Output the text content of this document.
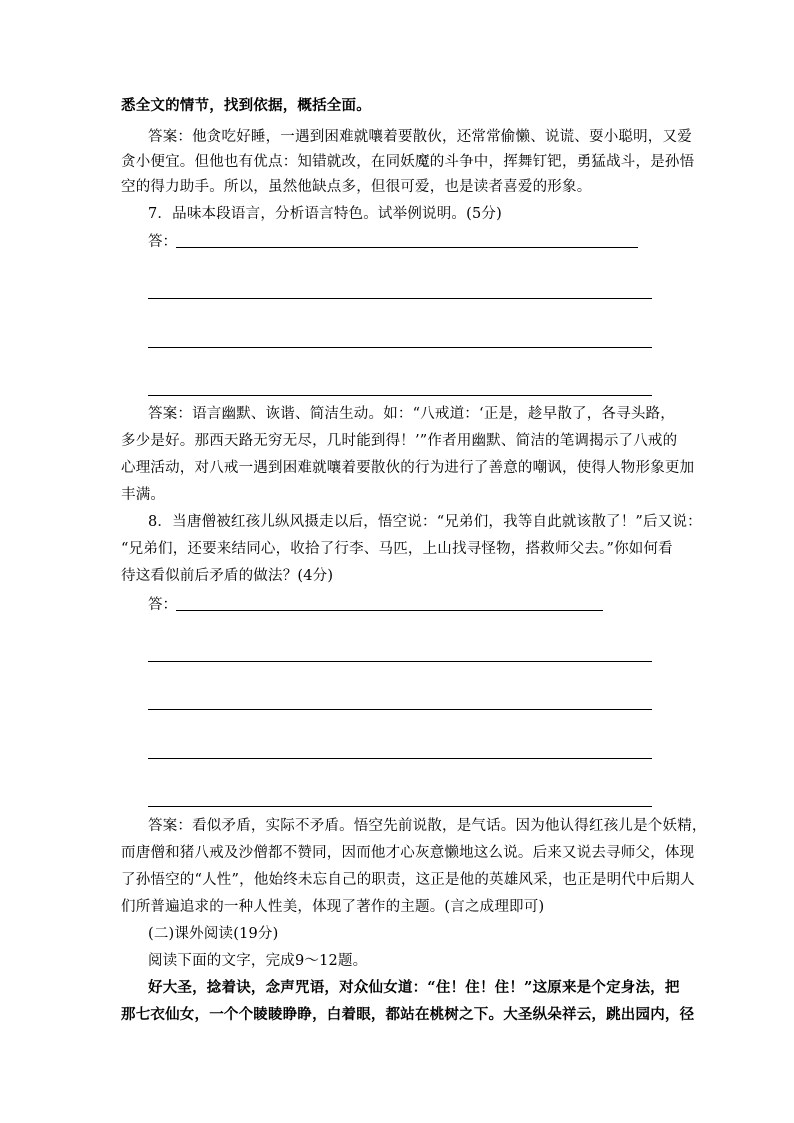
悉全文的情节，找到依据，概括全面。
答案：他贪吃好睡，一遇到困难就嚷着要散伙，还常常偷懒、说谎、耍小聪明，又爱
贪小便宜。但他也有优点：知错就改，在同妖魔的斗争中，挥舞钉钯，勇猛战斗，是孙悟
空的得力助手。所以，虽然他缺点多，但很可爱，也是读者喜爱的形象。
7．品味本段语言，分析语言特色。试举例说明。(5分)
答：
答案：语言幽默、诙谐、简洁生动。如：“八戒道：‘正是，趁早散了，各寻头路，
多少是好。那西天路无穷无尽，几时能到得！’”作者用幽默、简洁的笔调揭示了八戒的
心理活动，对八戒一遇到困难就嚷着要散伙的行为进行了善意的嘲讽，使得人物形象更加
丰满。
8．当唐僧被红孩儿纵风摄走以后，悟空说：“兄弟们，我等自此就该散了！”后又说：
“兄弟们，还要来结同心，收拾了行李、马匹，上山找寻怪物，搭救师父去。”你如何看
待这看似前后矛盾的做法？(4分)
答：
答案：看似矛盾，实际不矛盾。悟空先前说散，是气话。因为他认得红孩儿是个妖精，
而唐僧和猪八戒及沙僧都不赞同，因而他才心灰意懒地这么说。后来又说去寻师父，体现
了孙悟空的“人性”，他始终未忘自己的职责，这正是他的英雄风采，也正是明代中后期人
们所普遍追求的一种人性美，体现了著作的主题。(言之成理即可)
(二)课外阅读(19分)
阅读下面的文字，完成9～12题。
好大圣，捻着诀，念声咒语，对众仙女道：“住！住！住！”这原来是个定身法，把
那七衣仙女，一个个睖睖睁睁，白着眼，都站在桃树之下。大圣纵朵祥云，跳出园内，径
